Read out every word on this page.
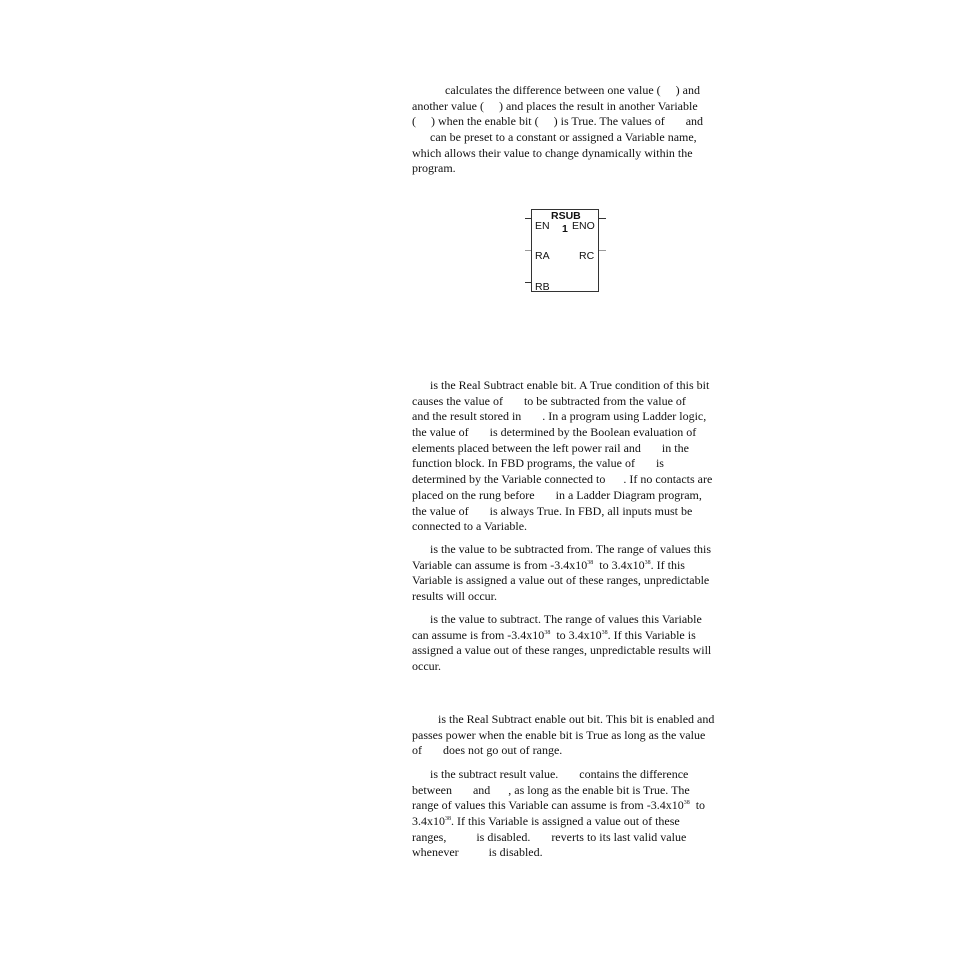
calculates the difference between one value (     ) and
another value (     ) and places the result in another Variable
(     ) when the enable bit (     ) is True. The values of       and
can be preset to a constant or assigned a Variable name,
which allows their value to change dynamically within the
program.
RSUB
1
EN
RA
RB
ENO
RC
is the Real Subtract enable bit. A True condition of this bit
causes the value of       to be subtracted from the value of
and the result stored in       . In a program using Ladder logic,
the value of       is determined by the Boolean evaluation of
elements placed between the left power rail and       in the
function block. In FBD programs, the value of       is
determined by the Variable connected to      . If no contacts are
placed on the rung before       in a Ladder Diagram program,
the value of       is always True. In FBD, all inputs must be
connected to a Variable.
is the value to be subtracted from. The range of values this
Variable can assume is from $-3.4x10^{38}$ to $3.4x10^{38}$. If this
Variable is assigned a value out of these ranges, unpredictable
results will occur.
is the value to subtract. The range of values this Variable
can assume is from $-3.4x10^{38}$ to $3.4x10^{38}$. If this Variable is
assigned a value out of these ranges, unpredictable results will
occur.
is the Real Subtract enable out bit. This bit is enabled and
passes power when the enable bit is True as long as the value
of       does not go out of range.
is the subtract result value.       contains the difference
between       and      , as long as the enable bit is True. The
range of values this Variable can assume is from $-3.4x10^{38}$ to
$3.4x10^{38}$. If this Variable is assigned a value out of these
ranges,          is disabled.       reverts to its last valid value
whenever          is disabled.
